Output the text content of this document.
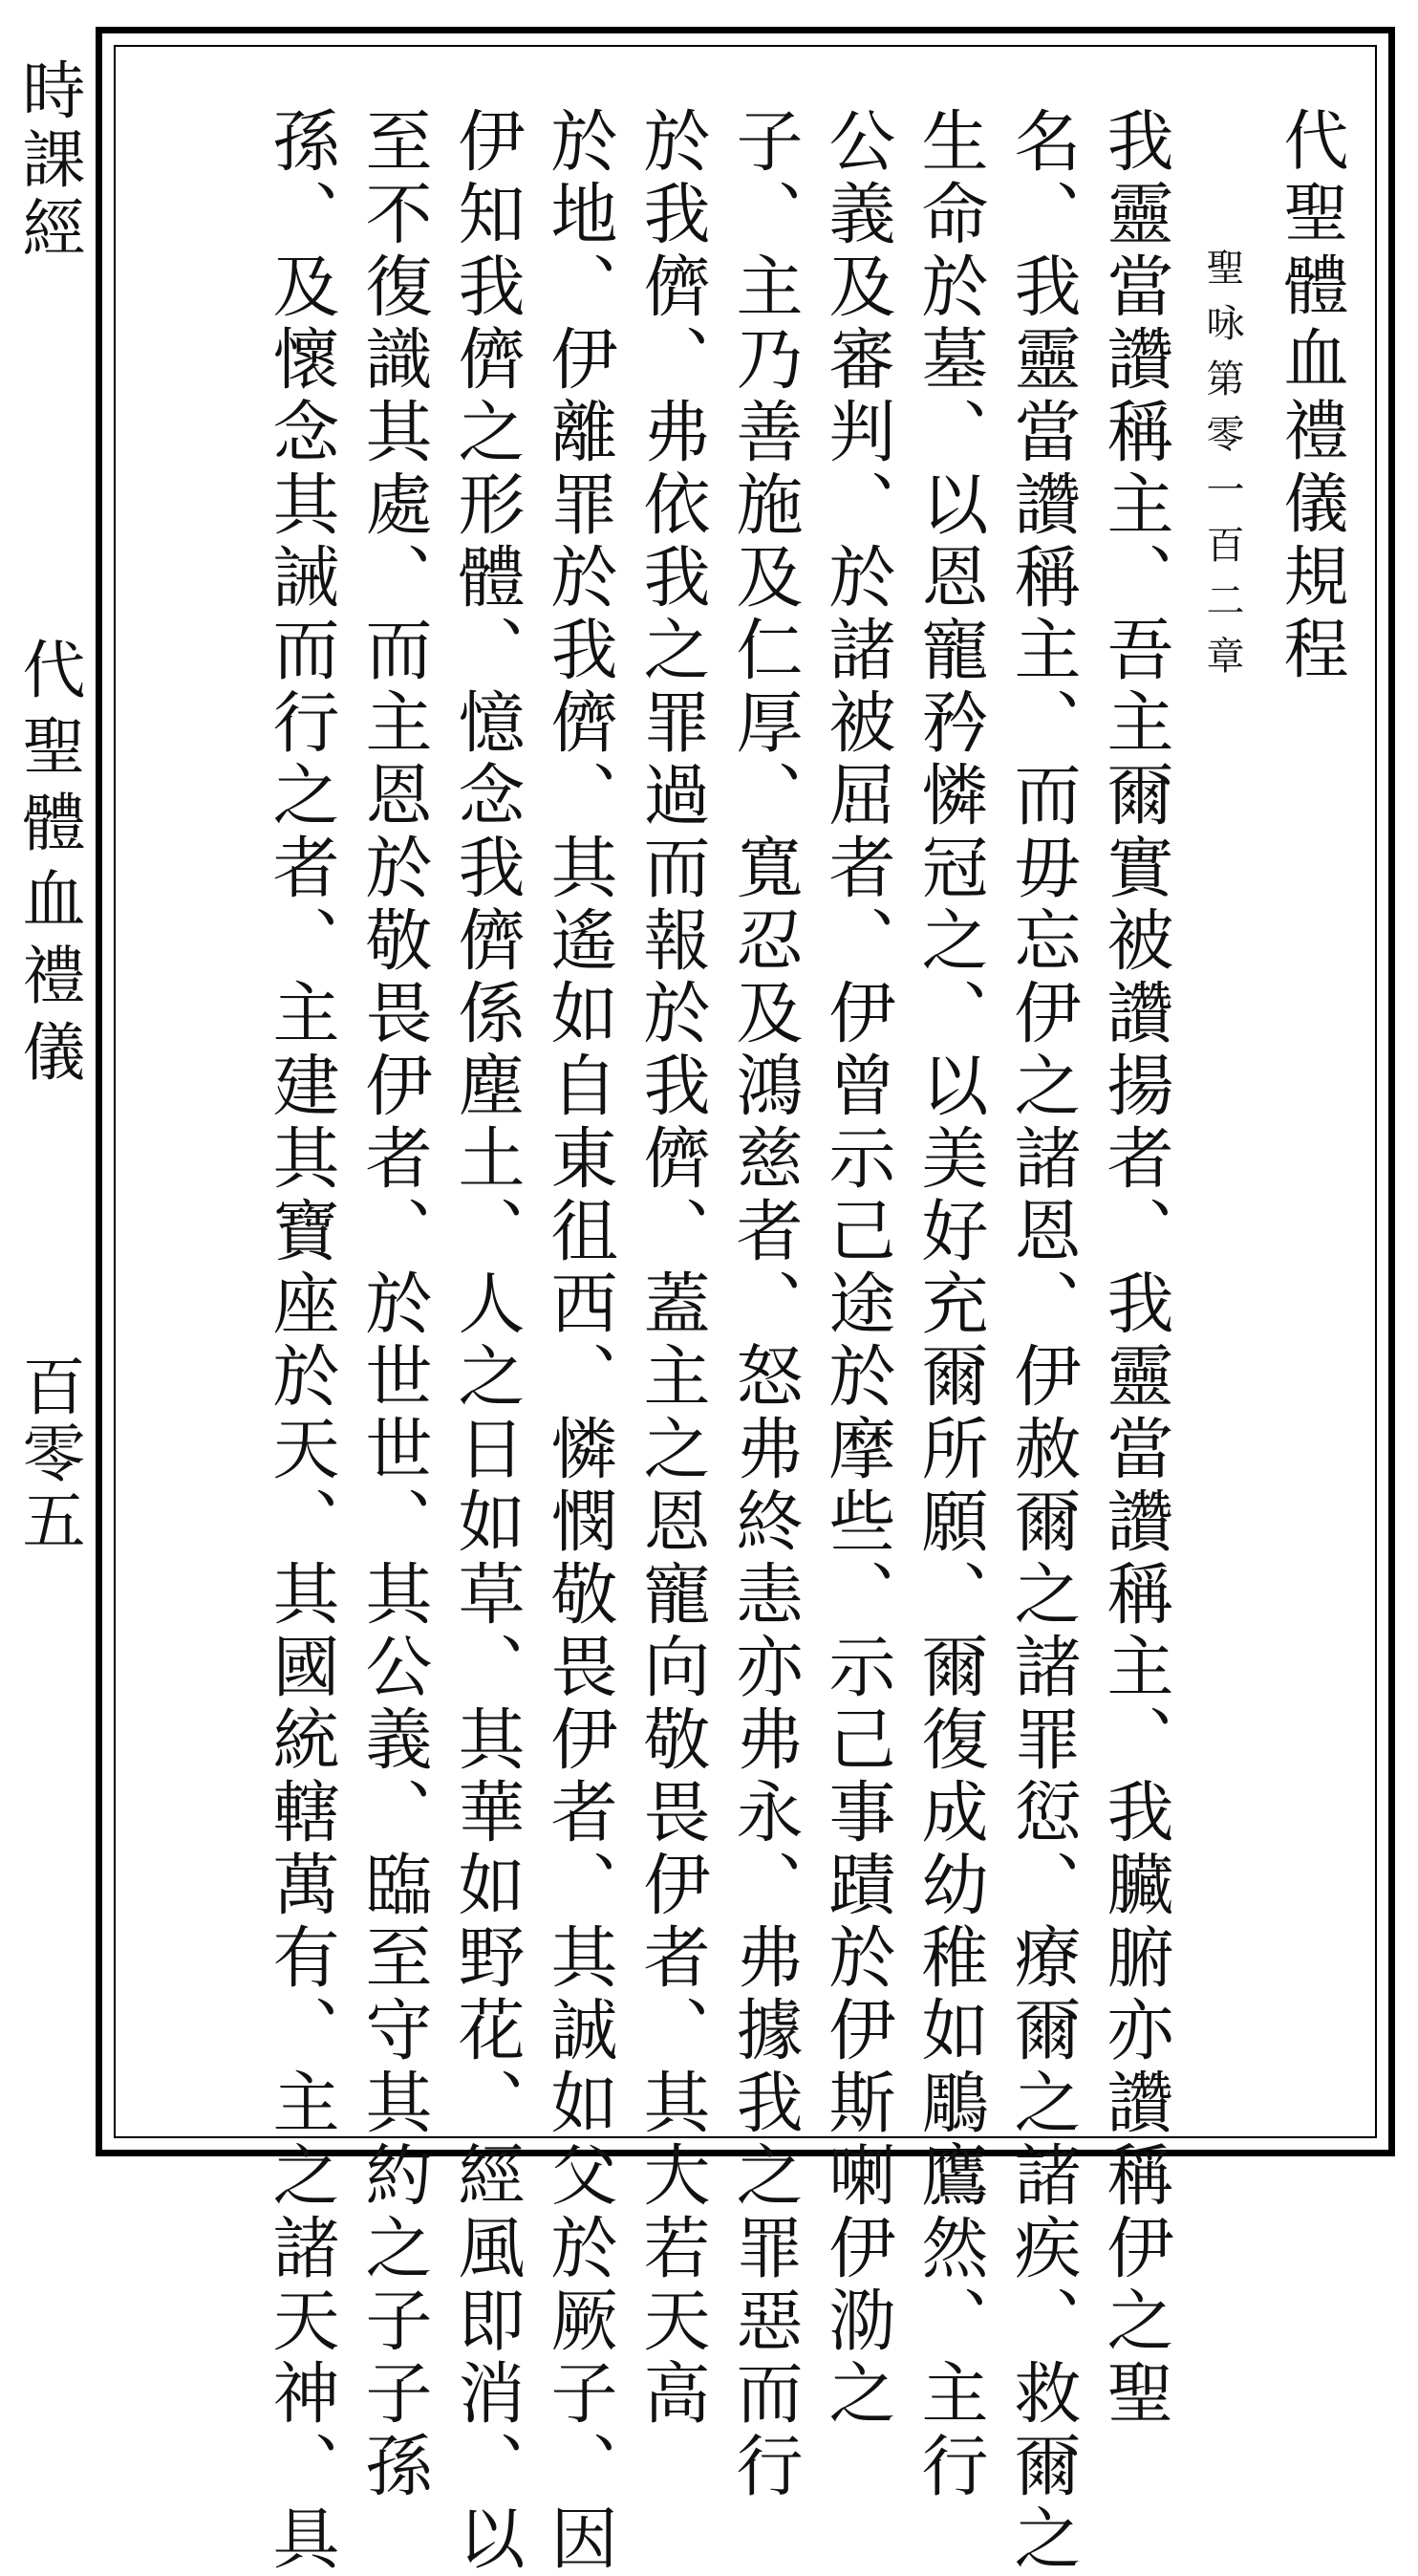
時課經
代聖體血禮儀
百零五
代聖體血禮儀規程
聖咏第零一百二章
我靈當讚稱主、吾主爾實被讚揚者、我靈當讚稱主、我臟腑亦讚稱伊之聖
名、我靈當讚稱主、而毋忘伊之諸恩、伊赦爾之諸罪愆、療爾之諸疾、救爾之
生命於墓、以恩寵矜憐冠之、以美好充爾所願、爾復成幼稚如鵰鷹然、主行
公義及審判、於諸被屈者、伊曾示己途於摩些、示己事蹟於伊斯喇伊泐之
子、主乃善施及仁厚、寬忍及鴻慈者、怒弗終恚亦弗永、弗據我之罪惡而行
於我儕、弗依我之罪過而報於我儕、蓋主之恩寵向敬畏伊者、其大若天高
於地、伊離罪於我儕、其遙如自東徂西、憐憫敬畏伊者、其誠如父於厥子、因
伊知我儕之形體、憶念我儕係塵土、人之日如草、其華如野花、經風即消、以
至不復識其處、而主恩於敬畏伊者、於世世、其公義、臨至守其約之子子孫
孫、及懷念其誡而行之者、主建其寶座於天、其國統轄萬有、主之諸天神、具
